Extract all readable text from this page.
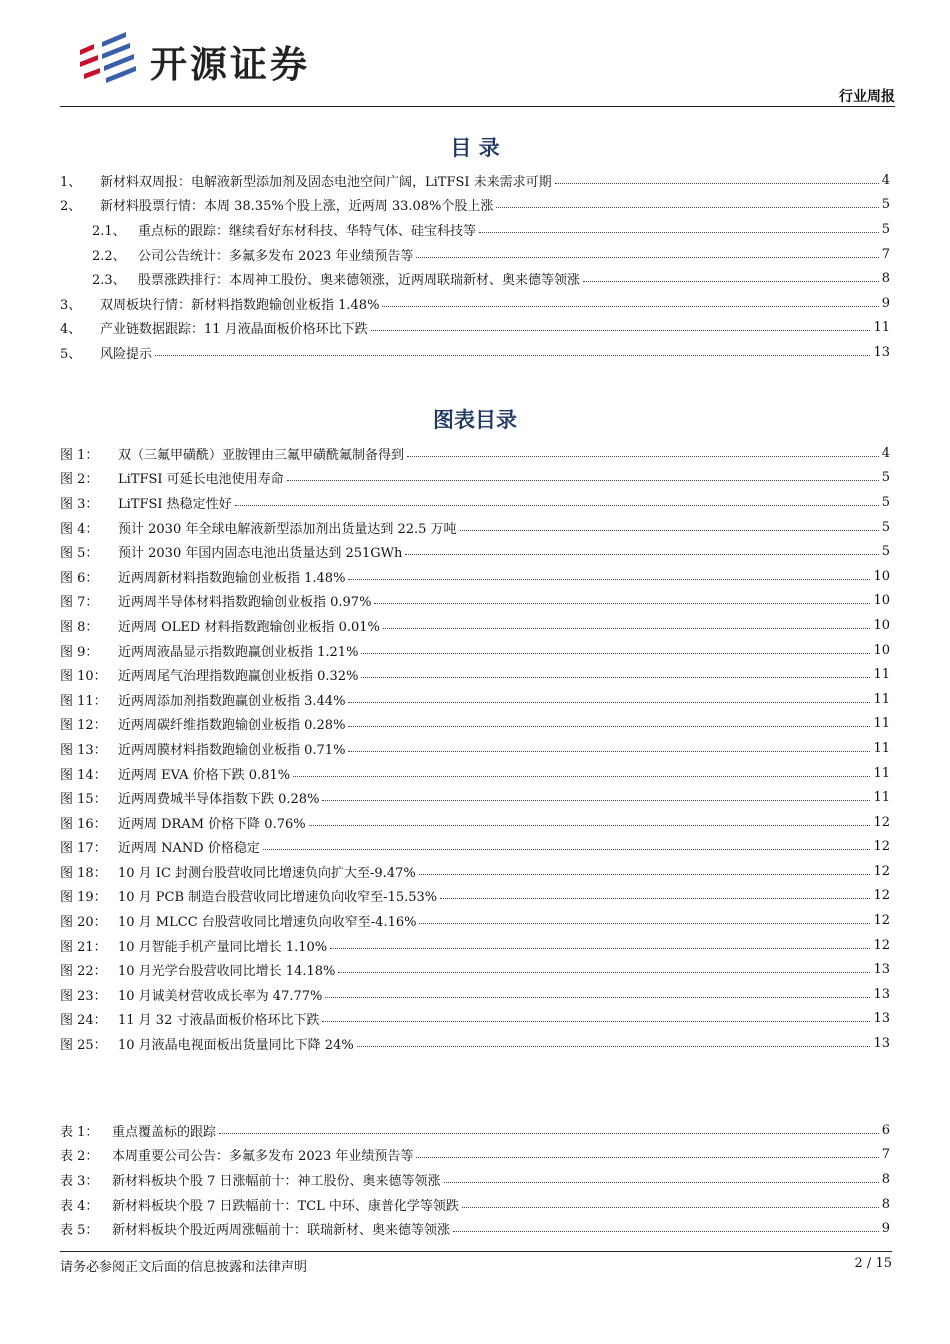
开源证券
行业周报
目 录
1、	新材料双周报：电解液新型添加剂及固态电池空间广阔，LiTFSI 未来需求可期	4
2、	新材料股票行情：本周 38.35%个股上涨，近两周 33.08%个股上涨	5
2.1、 重点标的跟踪：继续看好东材科技、华特气体、硅宝科技等	5
2.2、 公司公告统计：多氟多发布 2023 年业绩预告等	7
2.3、 股票涨跌排行：本周神工股份、奥来德领涨，近两周联瑞新材、奥来德等领涨	8
3、	双周板块行情：新材料指数跑输创业板指 1.48%	9
4、	产业链数据跟踪：11 月液晶面板价格环比下跌	11
5、	风险提示	13
图表目录
图 1：	双（三氟甲磺酰）亚胺锂由三氟甲磺酰氟制备得到	4
图 2：	LiTFSI 可延长电池使用寿命	5
图 3：	LiTFSI 热稳定性好	5
图 4：	预计 2030 年全球电解液新型添加剂出货量达到 22.5 万吨	5
图 5：	预计 2030 年国内固态电池出货量达到 251GWh	5
图 6：	近两周新材料指数跑输创业板指 1.48%	10
图 7：	近两周半导体材料指数跑输创业板指 0.97%	10
图 8：	近两周 OLED 材料指数跑输创业板指 0.01%	10
图 9：	近两周液晶显示指数跑赢创业板指 1.21%	10
图 10： 近两周尾气治理指数跑赢创业板指 0.32%	11
图 11： 近两周添加剂指数跑赢创业板指 3.44%	11
图 12： 近两周碳纤维指数跑输创业板指 0.28%	11
图 13： 近两周膜材料指数跑输创业板指 0.71%	11
图 14： 近两周 EVA 价格下跌 0.81%	11
图 15： 近两周费城半导体指数下跌 0.28%	11
图 16： 近两周 DRAM 价格下降 0.76%	12
图 17： 近两周 NAND 价格稳定	12
图 18： 10 月 IC 封测台股营收同比增速负向扩大至-9.47%	12
图 19： 10 月 PCB 制造台股营收同比增速负向收窄至-15.53%	12
图 20： 10 月 MLCC 台股营收同比增速负向收窄至-4.16%	12
图 21： 10 月智能手机产量同比增长 1.10%	12
图 22： 10 月光学台股营收同比增长 14.18%	13
图 23： 10 月诚美材营收成长率为 47.77%	13
图 24： 11 月 32 寸液晶面板价格环比下跌	13
图 25： 10 月液晶电视面板出货量同比下降 24%	13
表 1：	重点覆盖标的跟踪	6
表 2：	本周重要公司公告：多氟多发布 2023 年业绩预告等	7
表 3：	新材料板块个股 7 日涨幅前十：神工股份、奥来德等领涨	8
表 4：	新材料板块个股 7 日跌幅前十：TCL 中环、康普化学等领跌	8
表 5：	新材料板块个股近两周涨幅前十：联瑞新材、奥来德等领涨	9
请务必参阅正文后面的信息披露和法律声明	2 / 15
